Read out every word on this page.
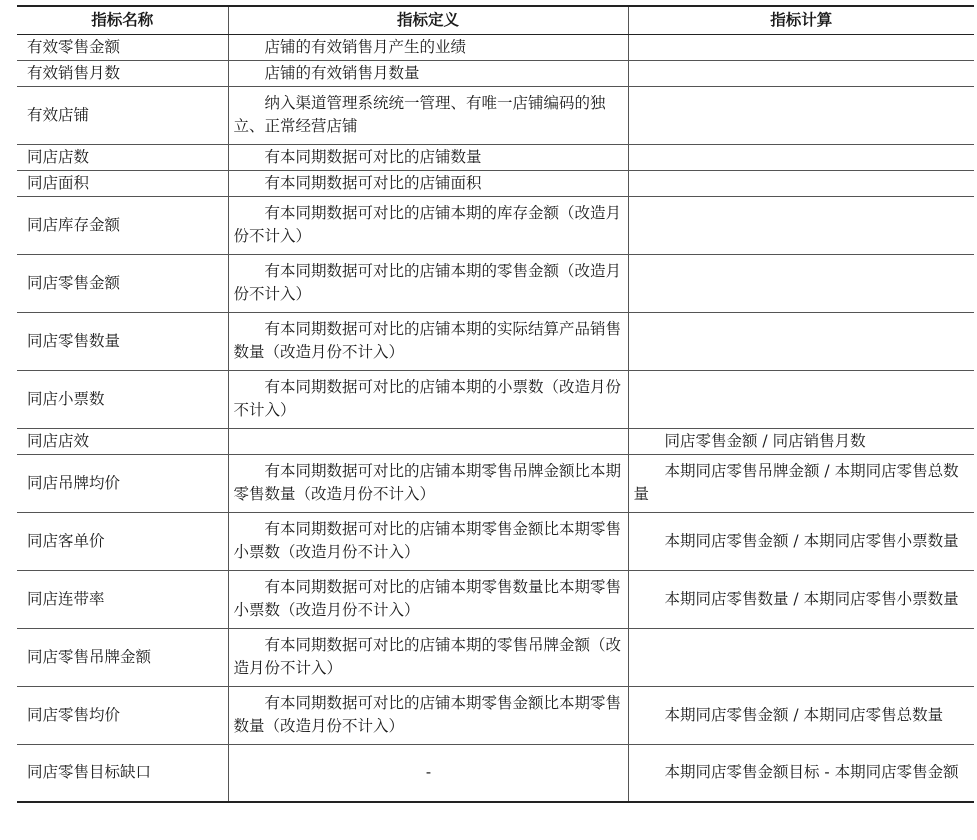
指标名称	指标定义	指标计算
有效零售金额	店铺的有效销售月产生的业绩	
有效销售月数	店铺的有效销售月数量	
有效店铺	纳入渠道管理系统统一管理、有唯一店铺编码的独立、正常经营店铺	
同店店数	有本同期数据可对比的店铺数量	
同店面积	有本同期数据可对比的店铺面积	
同店库存金额	有本同期数据可对比的店铺本期的库存金额（改造月份不计入）	
同店零售金额	有本同期数据可对比的店铺本期的零售金额（改造月份不计入）	
同店零售数量	有本同期数据可对比的店铺本期的实际结算产品销售数量（改造月份不计入）	
同店小票数	有本同期数据可对比的店铺本期的小票数（改造月份不计入）	
同店店效		同店零售金额 / 同店销售月数
同店吊牌均价	有本同期数据可对比的店铺本期零售吊牌金额比本期零售数量（改造月份不计入）	本期同店零售吊牌金额 / 本期同店零售总数量
同店客单价	有本同期数据可对比的店铺本期零售金额比本期零售小票数（改造月份不计入）	本期同店零售金额 / 本期同店零售小票数量
同店连带率	有本同期数据可对比的店铺本期零售数量比本期零售小票数（改造月份不计入）	本期同店零售数量 / 本期同店零售小票数量
同店零售吊牌金额	有本同期数据可对比的店铺本期的零售吊牌金额（改造月份不计入）	
同店零售均价	有本同期数据可对比的店铺本期零售金额比本期零售数量（改造月份不计入）	本期同店零售金额 / 本期同店零售总数量
同店零售目标缺口	-	本期同店零售金额目标 - 本期同店零售金额
